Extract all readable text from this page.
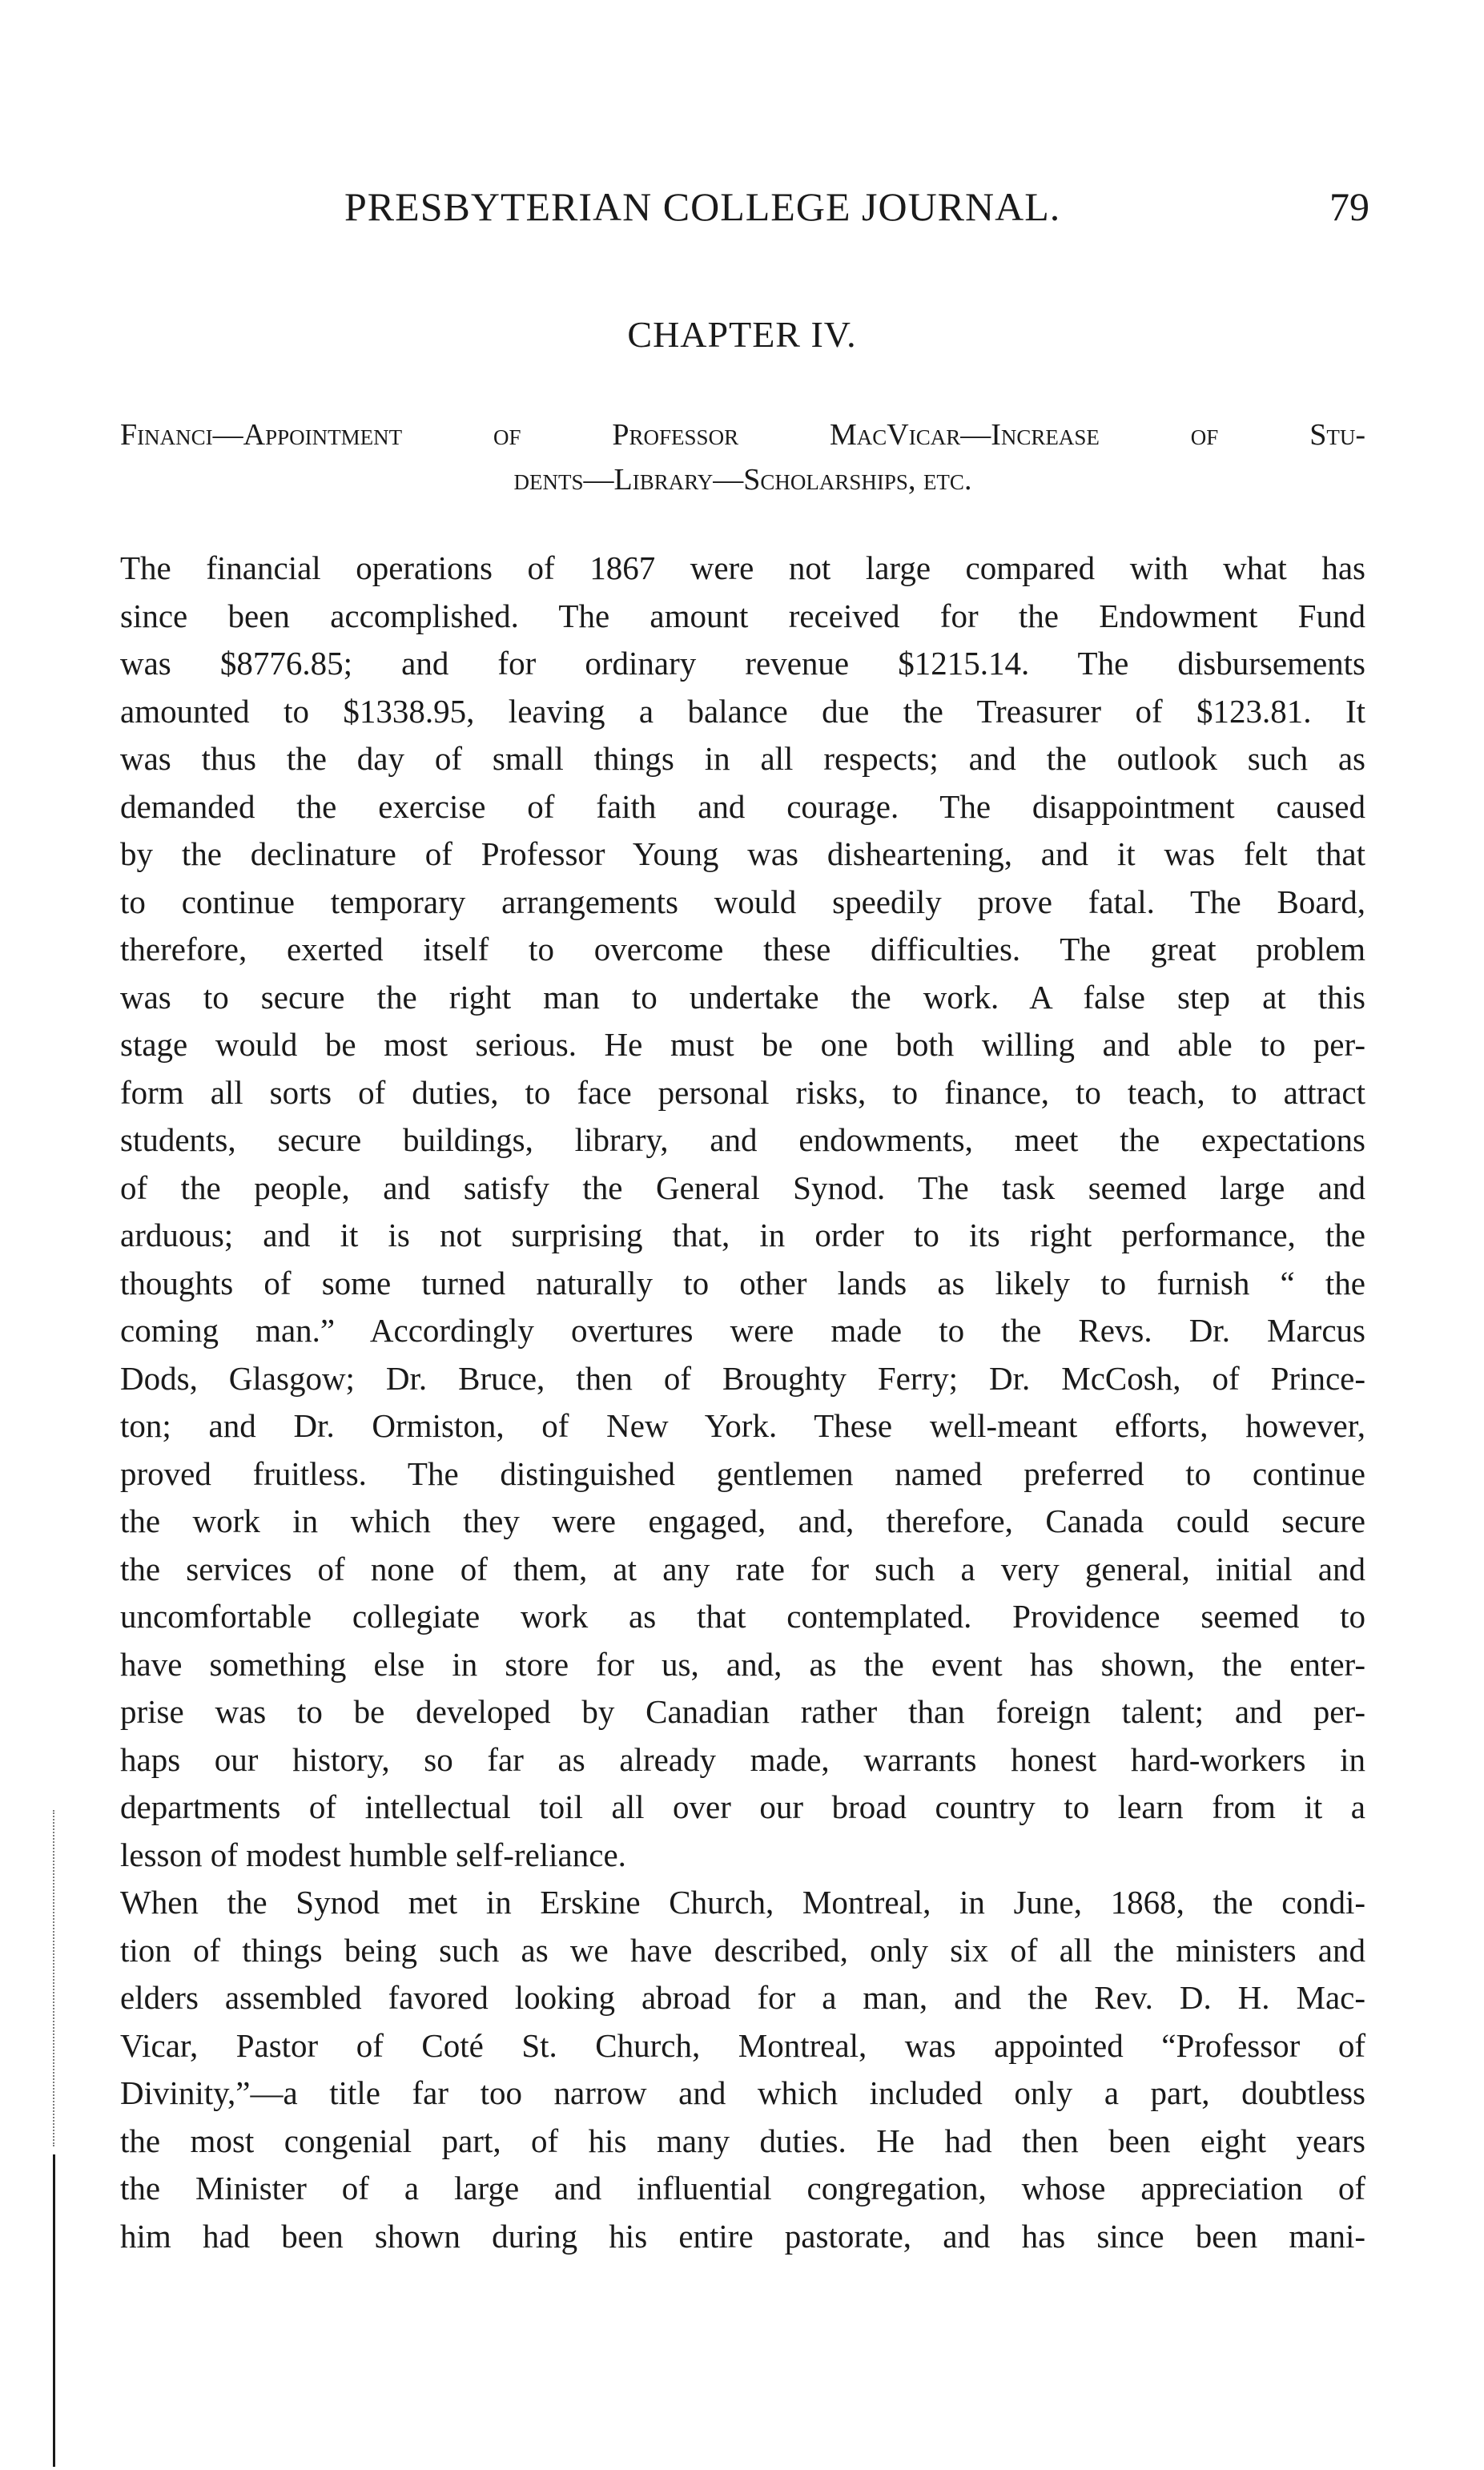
PRESBYTERIAN COLLEGE JOURNAL.	79
CHAPTER IV.
Financi—Appointment of Professor MacVicar—Increase of Stu-
dents—Library—Scholarships, etc.
The financial operations of 1867 were not large compared with what has
since been accomplished. The amount received for the Endowment Fund
was $8776.85; and for ordinary revenue $1215.14. The disbursements
amounted to $1338.95, leaving a balance due the Treasurer of $123.81. It
was thus the day of small things in all respects; and the outlook such as
demanded the exercise of faith and courage. The disappointment caused
by the declinature of Professor Young was disheartening, and it was felt that
to continue temporary arrangements would speedily prove fatal. The Board,
therefore, exerted itself to overcome these difficulties. The great problem
was to secure the right man to undertake the work. A false step at this
stage would be most serious. He must be one both willing and able to per-
form all sorts of duties, to face personal risks, to finance, to teach, to attract
students, secure buildings, library, and endowments, meet the expectations
of the people, and satisfy the General Synod. The task seemed large and
arduous; and it is not surprising that, in order to its right performance, the
thoughts of some turned naturally to other lands as likely to furnish “ the
coming man.” Accordingly overtures were made to the Revs. Dr. Marcus
Dods, Glasgow; Dr. Bruce, then of Broughty Ferry; Dr. McCosh, of Prince-
ton; and Dr. Ormiston, of New York. These well-meant efforts, however,
proved fruitless. The distinguished gentlemen named preferred to continue
the work in which they were engaged, and, therefore, Canada could secure
the services of none of them, at any rate for such a very general, initial and
uncomfortable collegiate work as that contemplated. Providence seemed to
have something else in store for us, and, as the event has shown, the enter-
prise was to be developed by Canadian rather than foreign talent; and per-
haps our history, so far as already made, warrants honest hard-workers in
departments of intellectual toil all over our broad country to learn from it a
lesson of modest humble self-reliance.
When the Synod met in Erskine Church, Montreal, in June, 1868, the condi-
tion of things being such as we have described, only six of all the ministers and
elders assembled favored looking abroad for a man, and the Rev. D. H. Mac-
Vicar, Pastor of Coté St. Church, Montreal, was appointed “Professor of
Divinity,”—a title far too narrow and which included only a part, doubtless
the most congenial part, of his many duties. He had then been eight years
the Minister of a large and influential congregation, whose appreciation of
him had been shown during his entire pastorate, and has since been mani-
